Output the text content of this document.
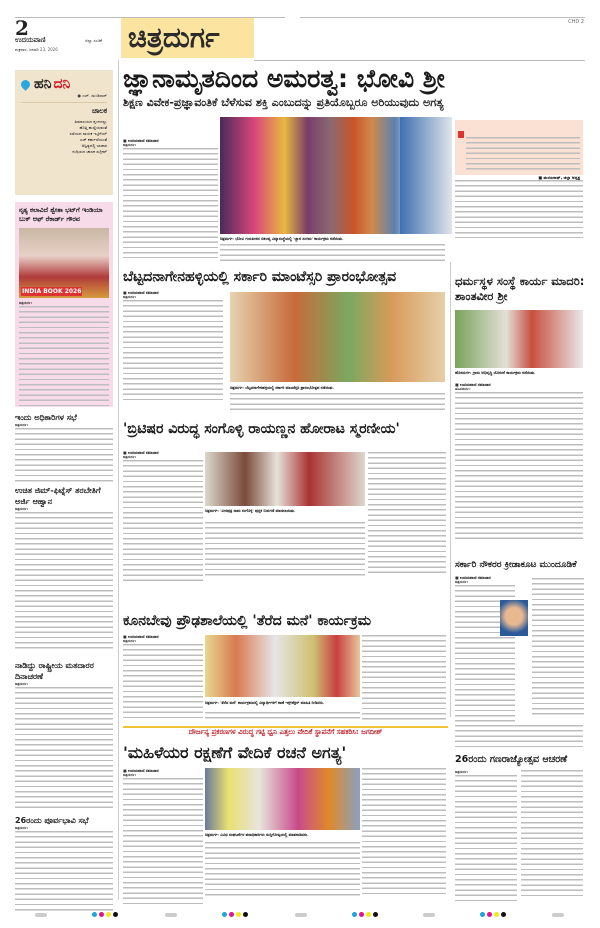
CHD 2
2
ಉದಯವಾಣಿ	ಜಿಲ್ಲಾ ಸಂಚಿಕೆ
ಶುಕ್ರವಾರ, ಜನವರಿ 23, 2026	ಚಿತ್ರದುರ್ಗ
ಹನಿ ದನಿ
● ಎಚ್. ಡುಂಡಿರಾಜ್
ಚಾಲಕ
ಹಿಮಾಲಯದ ಶೃಂಗದಲ್ಲು
ಹೊತ್ತಿ ಹುಣ್ಣಿಯವಂತೆ
ಸಣಿಯದ ಸಾಯಕ ಇಟ್ಟಿಗೆಯ್
ಎಚ್ ಕರ್ಹುಣಿಯಂತೆ
ಅಸ್ವಿತ್ಯದಲ್ಲಿ ಬಾಜಾರ
ನುಗ್ಗಿಯದ ಚಾಲಕ ಸುಗ್ರೀವ್
ನೃತ್ಯ ಕಲಾವಿದೆ ಶ್ವೇತಾ ಭಟ್‌ಗೆ ಇಂಡಿಯಾ ಬುಕ್ ಆಫ್ ರೆಕಾರ್ಡ್ ಗೌರವ
INDIA BOOK 2026
ಚಿತ್ರದುರ್ಗ:
ಇಂದು ಅಧಿಕಾರಿಗಳ ಸಭೆ
ಚಿತ್ರದುರ್ಗ:
ಉಚಿತ ಜಿಮ್-ಫಿಟ್ನೆಸ್ ತರಬೇತಿಗೆ ಅರ್ಜಿ ಆಹ್ವಾನ
ಚಿತ್ರದುರ್ಗ:
ನಾಡಿದ್ದು ರಾಷ್ಟ್ರೀಯ ಮತದಾರರ ದಿನಾಚರಣೆ
ಚಿತ್ರದುರ್ಗ:
26ರಂದು ಪೂರ್ವಭಾವಿ ಸಭೆ
ಚಿತ್ರದುರ್ಗ:
ಜ್ಞಾನಾಮೃತದಿಂದ ಅಮರತ್ವ: ಭೋವಿ ಶ್ರೀ
ಶಿಕ್ಷಣ ವಿವೇಕ-ಪ್ರಜ್ಞಾವಂತಿಕೆ ಬೆಳೆಸುವ ಶಕ್ತಿ ಎಂಬುದನ್ನು ಪ್ರತಿಯೊಬ್ಬರೂ ಅರಿಯುವುದು ಅಗತ್ಯ
■ ಉದಯವಾಣಿ ಸಮಾಚಾರ
ಚಿತ್ರದುರ್ಗ:
ಚಿತ್ರದುರ್ಗ: ಭೋವಿ ಗುರುಪೀಠದ ಏಕಲವ್ಯ ವಿದ್ಯಾಸಂಸ್ಥೆಯಲ್ಲಿ 'ಜ್ಞಾನ ಸಂಗಮ' ಕಾರ್ಯಕ್ರಮ ನಡೆಯಿತು.
■ ಮಂಜುನಾಥ್, ಜಿಲ್ಲಾ ಅಧ್ಯಕ್ಷ
ಬೆಟ್ಟದನಾಗೇನಹಳ್ಳಿಯಲ್ಲಿ ಸರ್ಕಾರಿ ಮಾಂಟೆಸ್ಸರಿ ಪ್ರಾರಂಭೋತ್ಸವ
■ ಉದಯವಾಣಿ ಸಮಾಚಾರ
ಚಿತ್ರದುರ್ಗ:
ಚಿತ್ರದುರ್ಗ: ಬೆಟ್ಟದನಾಗೇನಹಳ್ಳಿಯಲ್ಲಿ ಸರ್ಕಾರಿ ಮಾಂಟೆಸ್ಸರಿ ಪ್ರಾರಂಭೋತ್ಸವ ನಡೆಯಿತು.
ಧರ್ಮಸ್ಥಳ ಸಂಸ್ಥೆ ಕಾರ್ಯ ಮಾದರಿ: ಶಾಂತವೀರ ಶ್ರೀ
ಹೊಸದುರ್ಗ: ಗ್ರಾಮ ಅಭಿವೃದ್ಧಿ ಯೋಜನೆ ಕಾರ್ಯಕ್ರಮ ನಡೆಯಿತು.
■ ಉದಯವಾಣಿ ಸಮಾಚಾರ
ಹೊಸದುರ್ಗ:
'ಬ್ರಿಟಿಷರ ವಿರುದ್ಧ ಸಂಗೊಳ್ಳಿ ರಾಯಣ್ಣನ ಹೋರಾಟ ಸ್ಮರಣೀಯ'
■ ಉದಯವಾಣಿ ಸಮಾಚಾರ
ಚಿತ್ರದುರ್ಗ:
ಚಿತ್ರದುರ್ಗ: 'ವೀರಪುತ್ರ ಸಾಮ ಸಂಗೊಳ್ಳಿ' ಪುಸ್ತಕ ಬಿಡುಗಡೆ ಮಾಡಲಾಯಿತು.
ಸರ್ಕಾರಿ ನೌಕರರ ಕ್ರೀಡಾಕೂಟ ಮುಂದೂಡಿಕೆ
■ ಉದಯವಾಣಿ ಸಮಾಚಾರ
ಚಿತ್ರದುರ್ಗ:
ಕೂನಬೇವು ಪ್ರೌಢಶಾಲೆಯಲ್ಲಿ 'ತೆರೆದ ಮನೆ' ಕಾರ್ಯಕ್ರಮ
■ ಉದಯವಾಣಿ ಸಮಾಚಾರ
ಚಿತ್ರದುರ್ಗ:
ಚಿತ್ರದುರ್ಗ: 'ತೆರೆದ ಮನೆ' ಕಾರ್ಯಕ್ರಮದಲ್ಲಿ ವಿದ್ಯಾರ್ಥಿಗಳಿಗೆ ಠಾಣೆ ಇನ್ಸ್‌ಪೆಕ್ಟರ್ ಮಾಹಿತಿ ನೀಡಿದರು.
ದೌರ್ಜನ್ಯ ಪ್ರಕರಣಗಳ ವಿರುದ್ಧ ಗಟ್ಟಿ ಧ್ವನಿ ಎತ್ತಲು ವೇದಿಕೆ ಸ್ಥಾಪನೆಗೆ ಸಹಕರಿಸಿ: ಜಗದೀಶ್
'ಮಹಿಳೆಯರ ರಕ್ಷಣೆಗೆ ವೇದಿಕೆ ರಚನೆ ಅಗತ್ಯ'
■ ಉದಯವಾಣಿ ಸಮಾಚಾರ
ಚಿತ್ರದುರ್ಗ:
ಚಿತ್ರದುರ್ಗ: ವಿವಿಧ ಸಂಘಟನೆಗಳ ಪದಾಧಿಕಾರಿಗಳು ಸುದ್ದಿಗೋಷ್ಠಿಯಲ್ಲಿ ಮಾತನಾಡಿದರು.
26ರಂದು ಗಣರಾಜ್ಯೋತ್ಸವ ಆಚರಣೆ
ಚಿತ್ರದುರ್ಗ:
